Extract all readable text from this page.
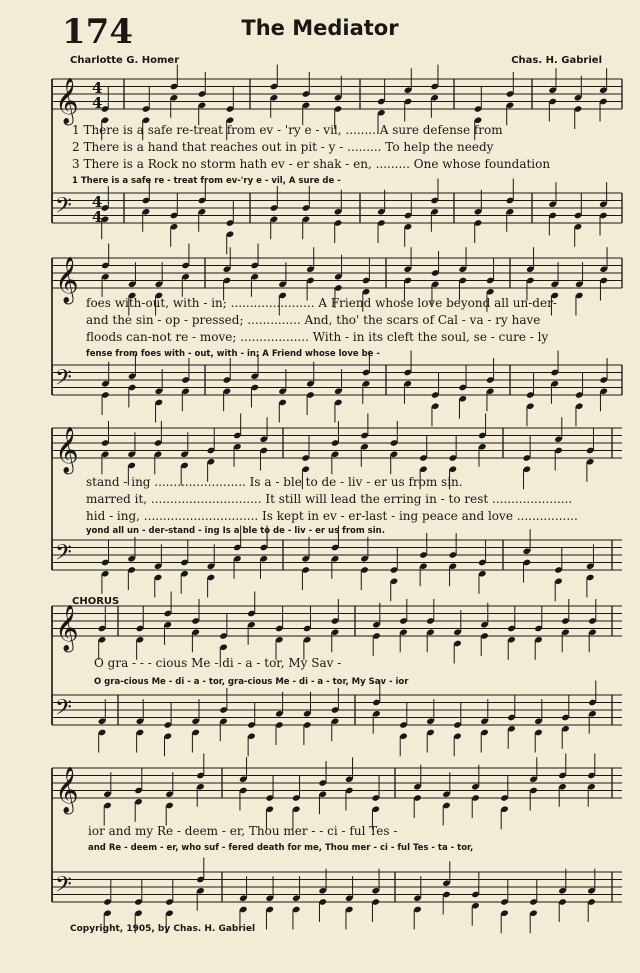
174	The Mediator
Charlotte G. Homer	Chas. H. Gabriel
𝄞
𝄢
4
4
4
4
𝄞
𝄢
𝄞
𝄢
𝄞
𝄢
𝄞
𝄢
1 There is a safe re-treat from ev - 'ry e - vil, .........A sure defense from
2 There is a hand that reaches out in pit - y - ......... To help the needy
3 There is a Rock no storm hath ev - er shak - en, ......... One whose foundation
1 There is a safe re - treat from ev-'ry e - vil, A sure de -
foes with-out, with - in; ...................... A Friend whose love beyond all un-der-
and the sin - op - pressed; .............. And, tho' the scars of Cal - va - ry have
floods can-not re - move; .................. With - in its cleft the soul, se - cure - ly
fense from foes with - out, with - in; A Friend whose love be -
stand - ing ........................ Is a - ble to de - liv - er us from sin.
marred it, ............................. It still will lead the erring in - to rest .....................
hid - ing, .............................. Is kept in ev - er-last - ing peace and love ................
yond all un - der-stand - ing Is a ble to de - liv - er us from sin.
CHORUS
O gra - - - cious Me - di - a - tor, My Sav -
O gra-cious Me - di - a - tor, gra-cious Me - di - a - tor, My Sav - ior
ior and my Re - deem - er, Thou mer - - ci - ful Tes -
and Re - deem - er, who suf - fered death for me, Thou mer - ci - ful Tes - ta - tor,
Copyright, 1905, by Chas. H. Gabriel
